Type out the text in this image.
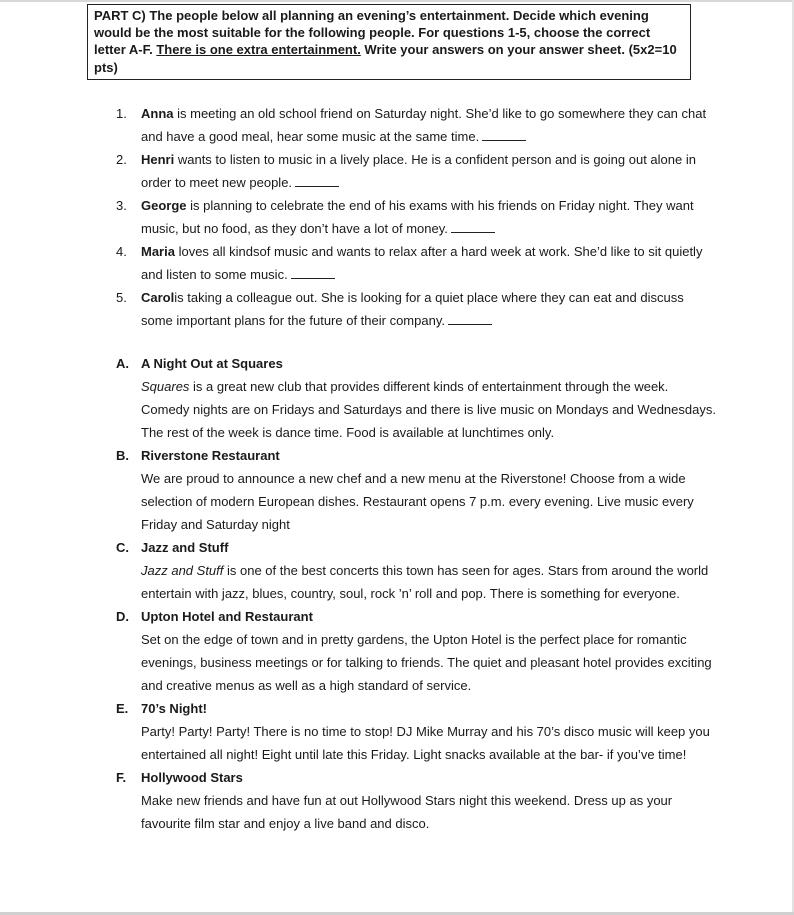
PART C) The people below all planning an evening’s entertainment. Decide which evening would be the most suitable for the following people. For questions 1-5, choose the correct letter A-F. There is one extra entertainment. Write your answers on your answer sheet. (5x2=10 pts)
1. Anna is meeting an old school friend on Saturday night. She’d like to go somewhere they can chat and have a good meal, hear some music at the same time.
2. Henri wants to listen to music in a lively place. He is a confident person and is going out alone in order to meet new people.
3. George is planning to celebrate the end of his exams with his friends on Friday night. They want music, but no food, as they don’t have a lot of money.
4. Maria loves all kindsof music and wants to relax after a hard week at work. She’d like to sit quietly and listen to some music.
5. Carolis taking a colleague out. She is looking for a quiet place where they can eat and discuss some important plans for the future of their company.
A. A Night Out at Squares
Squares is a great new club that provides different kinds of entertainment through the week. Comedy nights are on Fridays and Saturdays and there is live music on Mondays and Wednesdays. The rest of the week is dance time. Food is available at lunchtimes only.
B. Riverstone Restaurant
We are proud to announce a new chef and a new menu at the Riverstone! Choose from a wide selection of modern European dishes. Restaurant opens 7 p.m. every evening. Live music every Friday and Saturday night
C. Jazz and Stuff
Jazz and Stuff is one of the best concerts this town has seen for ages. Stars from around the world entertain with jazz, blues, country, soul, rock ’n’ roll and pop. There is something for everyone.
D. Upton Hotel and Restaurant
Set on the edge of town and in pretty gardens, the Upton Hotel is the perfect place for romantic evenings, business meetings or for talking to friends. The quiet and pleasant hotel provides exciting and creative menus as well as a high standard of service.
E. 70’s Night!
Party! Party! Party! There is no time to stop! DJ Mike Murray and his 70’s disco music will keep you entertained all night! Eight until late this Friday. Light snacks available at the bar- if you’ve time!
F. Hollywood Stars
Make new friends and have fun at out Hollywood Stars night this weekend. Dress up as your favourite film star and enjoy a live band and disco.
